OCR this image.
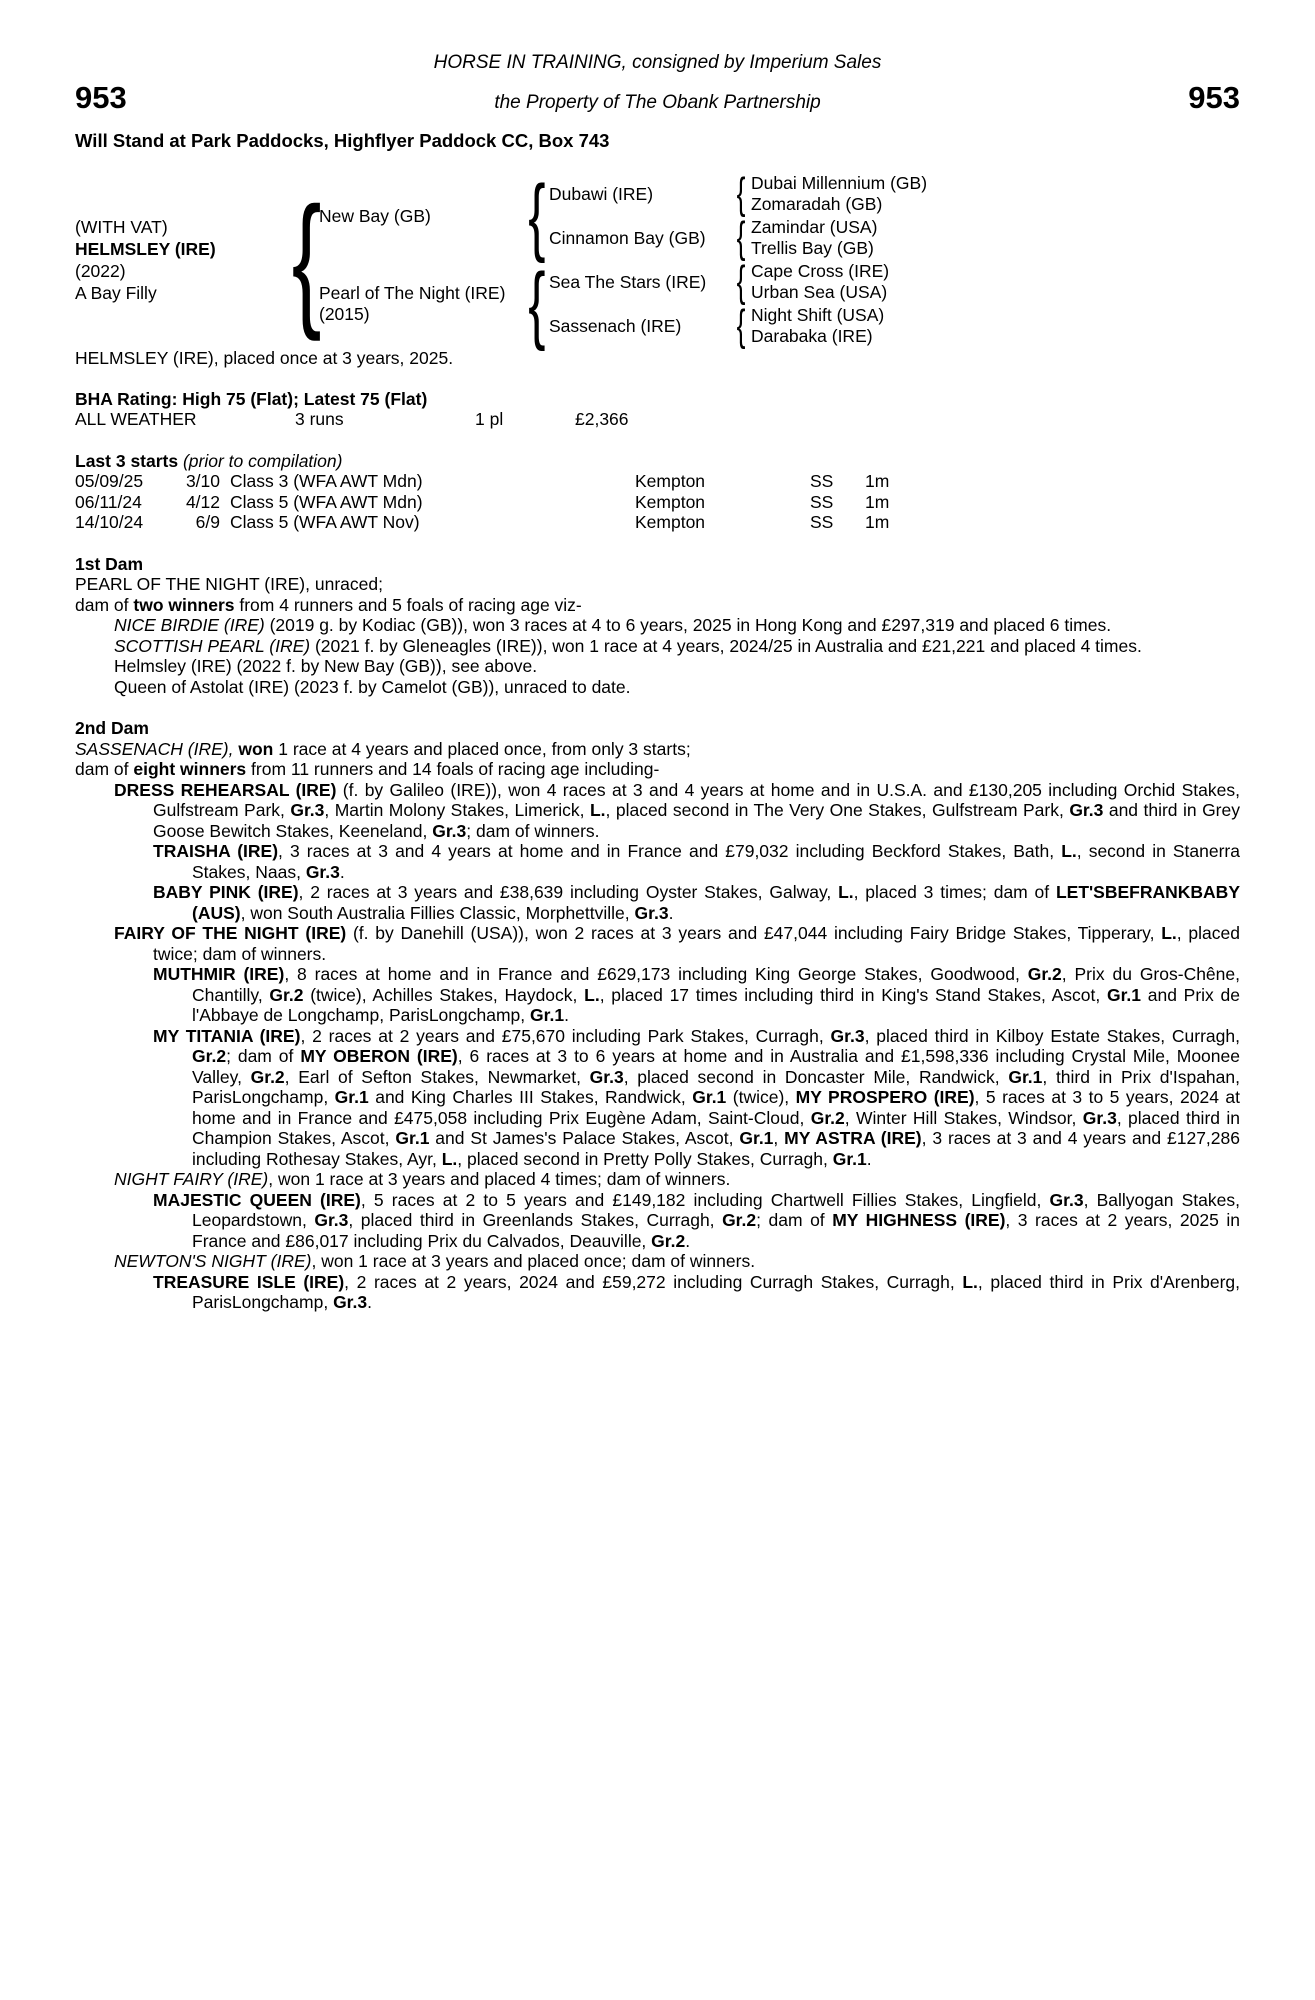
HORSE IN TRAINING, consigned by Imperium Sales
953	the Property of The Obank Partnership	953
Will Stand at Park Paddocks, Highflyer Paddock CC, Box 743
(WITH VAT)
HELMSLEY (IRE)
(2022)
A Bay Filly {
New Bay (GB)	{ Dubawi (IRE)	{ Dubai Millennium (GB)
Zomaradah (GB)
Cinnamon Bay (GB) { Zamindar (USA)
Trellis Bay (GB)
Pearl of The Night (IRE)
(2015)	{ Sea The Stars (IRE) { Cape Cross (IRE)
Urban Sea (USA)
Sassenach (IRE)	{ Night Shift (USA)
Darabaka (IRE)

HELMSLEY (IRE), placed once at 3 years, 2025.

BHA Rating: High 75 (Flat); Latest 75 (Flat)
ALL WEATHER	3 runs	1 pl	£2,366
Last 3 starts (prior to compilation)
05/09/25	3/10 Class 3 (WFA AWT Mdn)	Kempton	SS	1m
06/11/24	4/12 Class 5 (WFA AWT Mdn)	Kempton	SS	1m
14/10/24	6/9 Class 5 (WFA AWT Nov)	Kempton	SS	1m
1st Dam

PEARL OF THE NIGHT (IRE), unraced;

dam of two winners from 4 runners and 5 foals of racing age viz-

NICE BIRDIE (IRE) (2019 g. by Kodiac (GB)), won 3 races at 4 to 6 years, 2025 in Hong Kong and £297,319 and placed 6 times.

SCOTTISH PEARL (IRE) (2021 f. by Gleneagles (IRE)), won 1 race at 4 years, 2024/25 in Australia and £21,221 and placed 4 times.

Helmsley (IRE) (2022 f. by New Bay (GB)), see above.

Queen of Astolat (IRE) (2023 f. by Camelot (GB)), unraced to date.

2nd Dam

SASSENACH (IRE), won 1 race at 4 years and placed once, from only 3 starts;

dam of eight winners from 11 runners and 14 foals of racing age including-

DRESS REHEARSAL (IRE) (f. by Galileo (IRE)), won 4 races at 3 and 4 years at home and in U.S.A. and £130,205 including Orchid Stakes, Gulfstream Park, Gr.3, Martin Molony Stakes, Limerick, L., placed second in The Very One Stakes, Gulfstream Park, Gr.3 and third in Grey Goose Bewitch Stakes, Keeneland, Gr.3; dam of winners.

TRAISHA (IRE), 3 races at 3 and 4 years at home and in France and £79,032 including Beckford Stakes, Bath, L., second in Stanerra Stakes, Naas, Gr.3.

BABY PINK (IRE), 2 races at 3 years and £38,639 including Oyster Stakes, Galway, L., placed 3 times; dam of LET'SBEFRANKBABY (AUS), won South Australia Fillies Classic, Morphettville, Gr.3.

FAIRY OF THE NIGHT (IRE) (f. by Danehill (USA)), won 2 races at 3 years and £47,044 including Fairy Bridge Stakes, Tipperary, L., placed twice; dam of winners.

MUTHMIR (IRE), 8 races at home and in France and £629,173 including King George Stakes, Goodwood, Gr.2, Prix du Gros-Chêne, Chantilly, Gr.2 (twice), Achilles Stakes, Haydock, L., placed 17 times including third in King's Stand Stakes, Ascot, Gr.1 and Prix de l'Abbaye de Longchamp, ParisLongchamp, Gr.1.

MY TITANIA (IRE), 2 races at 2 years and £75,670 including Park Stakes, Curragh, Gr.3, placed third in Kilboy Estate Stakes, Curragh, Gr.2; dam of MY OBERON (IRE), 6 races at 3 to 6 years at home and in Australia and £1,598,336 including Crystal Mile, Moonee Valley, Gr.2, Earl of Sefton Stakes, Newmarket, Gr.3, placed second in Doncaster Mile, Randwick, Gr.1, third in Prix d'Ispahan, ParisLongchamp, Gr.1 and King Charles III Stakes, Randwick, Gr.1 (twice), MY PROSPERO (IRE), 5 races at 3 to 5 years, 2024 at home and in France and £475,058 including Prix Eugène Adam, Saint-Cloud, Gr.2, Winter Hill Stakes, Windsor, Gr.3, placed third in Champion Stakes, Ascot, Gr.1 and St James's Palace Stakes, Ascot, Gr.1, MY ASTRA (IRE), 3 races at 3 and 4 years and £127,286 including Rothesay Stakes, Ayr, L., placed second in Pretty Polly Stakes, Curragh, Gr.1.

NIGHT FAIRY (IRE), won 1 race at 3 years and placed 4 times; dam of winners.

MAJESTIC QUEEN (IRE), 5 races at 2 to 5 years and £149,182 including Chartwell Fillies Stakes, Lingfield, Gr.3, Ballyogan Stakes, Leopardstown, Gr.3, placed third in Greenlands Stakes, Curragh, Gr.2; dam of MY HIGHNESS (IRE), 3 races at 2 years, 2025 in France and £86,017 including Prix du Calvados, Deauville, Gr.2.

NEWTON'S NIGHT (IRE), won 1 race at 3 years and placed once; dam of winners.

TREASURE ISLE (IRE), 2 races at 2 years, 2024 and £59,272 including Curragh Stakes, Curragh, L., placed third in Prix d'Arenberg, ParisLongchamp, Gr.3.
